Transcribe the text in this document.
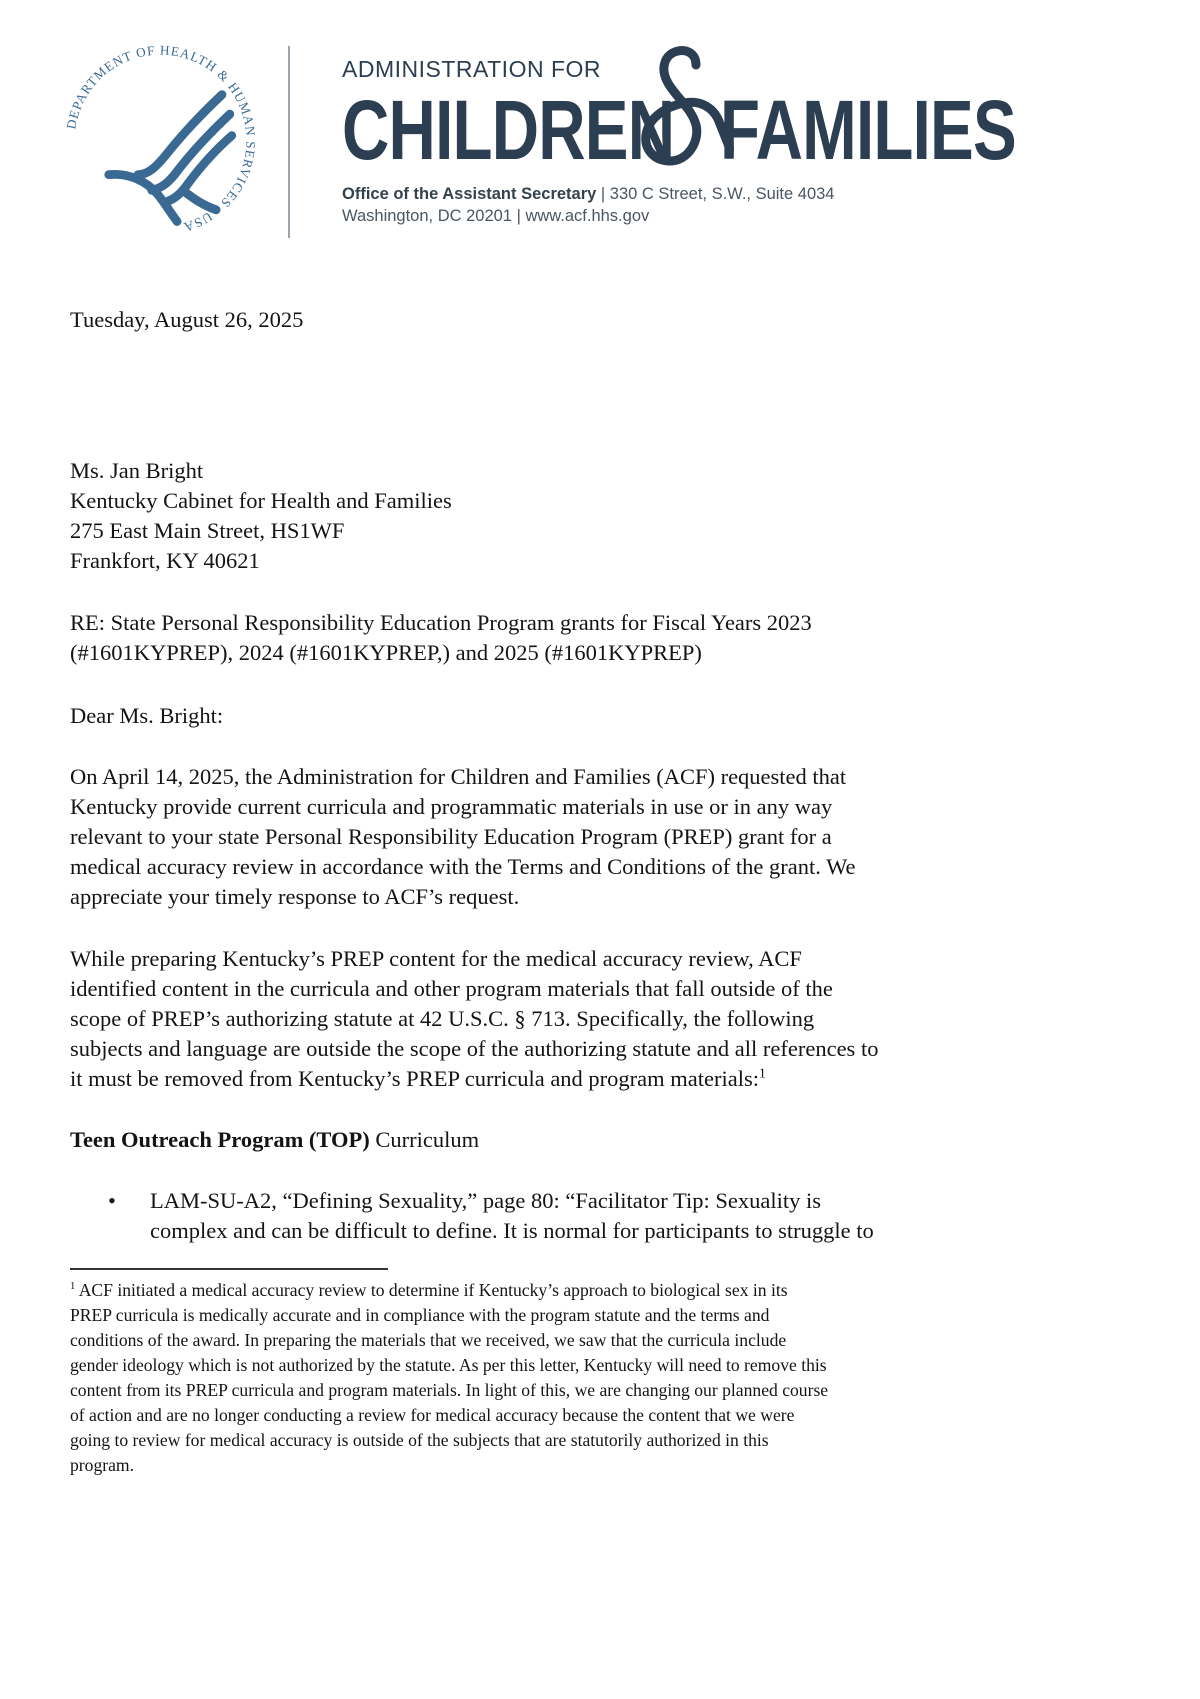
DEPARTMENT OF HEALTH & HUMAN SERVICES · USA
ADMINISTRATION FOR
CHILDREN FAMILIES
Office of the Assistant Secretary | 330 C Street, S.W., Suite 4034
Washington, DC 20201 | www.acf.hhs.gov
Tuesday, August 26, 2025
Ms. Jan Bright
Kentucky Cabinet for Health and Families
275 East Main Street, HS1WF
Frankfort, KY 40621
RE: State Personal Responsibility Education Program grants for Fiscal Years 2023
(#1601KYPREP), 2024 (#1601KYPREP,) and 2025 (#1601KYPREP)
Dear Ms. Bright:
On April 14, 2025, the Administration for Children and Families (ACF) requested that
Kentucky provide current curricula and programmatic materials in use or in any way
relevant to your state Personal Responsibility Education Program (PREP) grant for a
medical accuracy review in accordance with the Terms and Conditions of the grant. We
appreciate your timely response to ACF’s request.
While preparing Kentucky’s PREP content for the medical accuracy review, ACF
identified content in the curricula and other program materials that fall outside of the
scope of PREP’s authorizing statute at 42 U.S.C. § 713. Specifically, the following
subjects and language are outside the scope of the authorizing statute and all references to
it must be removed from Kentucky’s PREP curricula and program materials:$^1$
Teen Outreach Program (TOP) Curriculum
• LAM-SU-A2, “Defining Sexuality,” page 80: “Facilitator Tip: Sexuality is
complex and can be difficult to define. It is normal for participants to struggle to
$^1$ ACF initiated a medical accuracy review to determine if Kentucky’s approach to biological sex in its
PREP curricula is medically accurate and in compliance with the program statute and the terms and
conditions of the award. In preparing the materials that we received, we saw that the curricula include
gender ideology which is not authorized by the statute. As per this letter, Kentucky will need to remove this
content from its PREP curricula and program materials. In light of this, we are changing our planned course
of action and are no longer conducting a review for medical accuracy because the content that we were
going to review for medical accuracy is outside of the subjects that are statutorily authorized in this
program.
